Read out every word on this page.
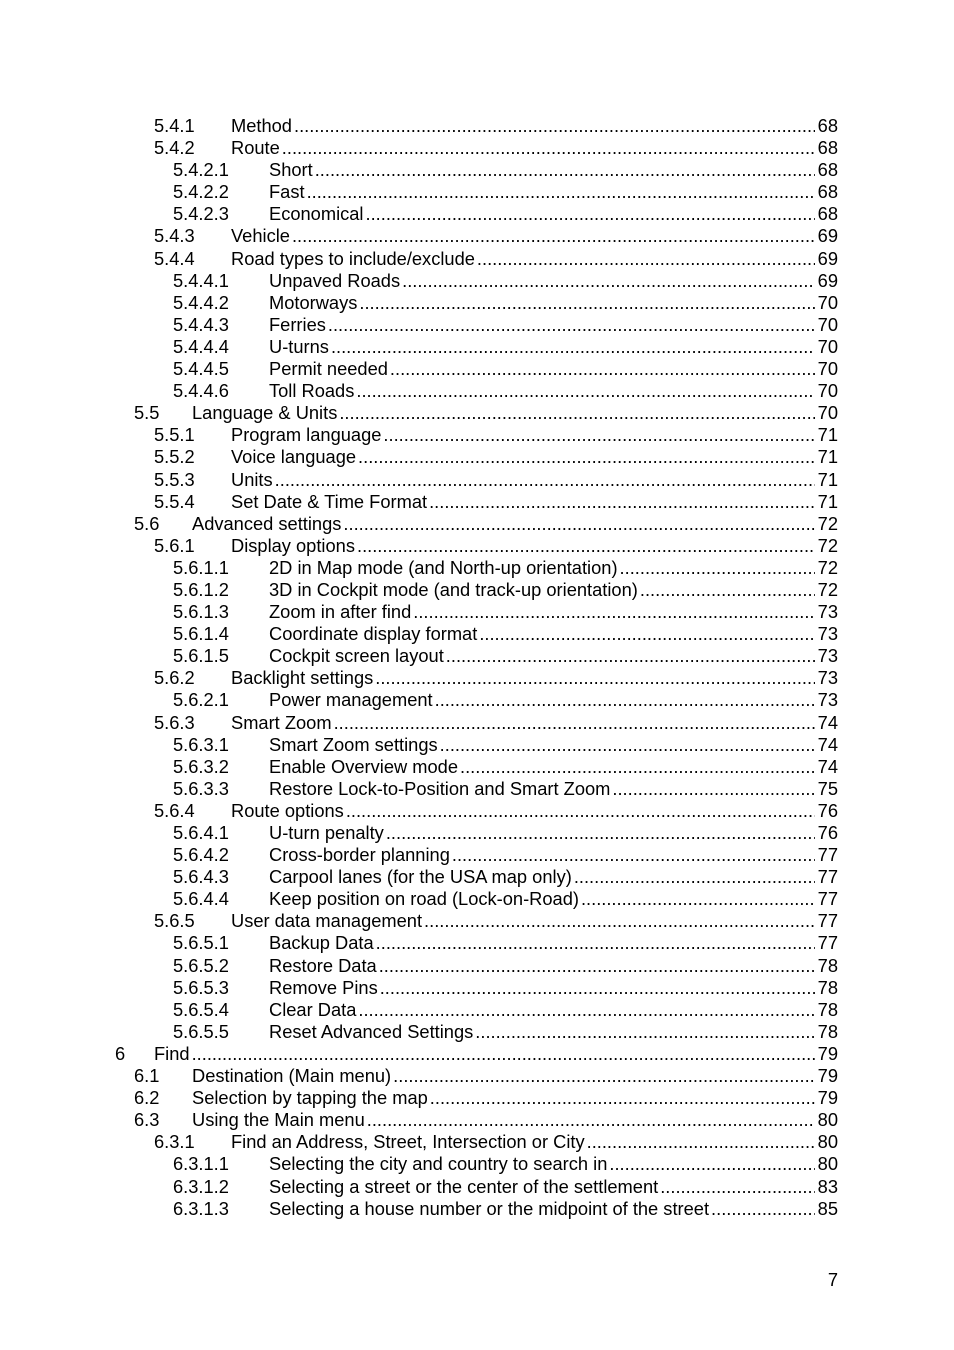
5.4.1 Method .....	68
5.4.2 Route .....	68
5.4.2.1 Short .....	68
5.4.2.2 Fast .....	68
5.4.2.3 Economical .....	68
5.4.3 Vehicle .....	69
5.4.4 Road types to include/exclude .....	69
5.4.4.1 Unpaved Roads .....	69
5.4.4.2 Motorways .....	70
5.4.4.3 Ferries .....	70
5.4.4.4 U-turns .....	70
5.4.4.5 Permit needed .....	70
5.4.4.6 Toll Roads .....	70
5.5 Language & Units .....	70
5.5.1 Program language .....	71
5.5.2 Voice language .....	71
5.5.3 Units .....	71
5.5.4 Set Date & Time Format .....	71
5.6 Advanced settings .....	72
5.6.1 Display options .....	72
5.6.1.1 2D in Map mode (and North-up orientation) .....	72
5.6.1.2 3D in Cockpit mode (and track-up orientation) .....	72
5.6.1.3 Zoom in after find .....	73
5.6.1.4 Coordinate display format .....	73
5.6.1.5 Cockpit screen layout .....	73
5.6.2 Backlight settings .....	73
5.6.2.1 Power management .....	73
5.6.3 Smart Zoom .....	74
5.6.3.1 Smart Zoom settings .....	74
5.6.3.2 Enable Overview mode .....	74
5.6.3.3 Restore Lock-to-Position and Smart Zoom .....	75
5.6.4 Route options .....	76
5.6.4.1 U-turn penalty .....	76
5.6.4.2 Cross-border planning .....	77
5.6.4.3 Carpool lanes (for the USA map only) .....	77
5.6.4.4 Keep position on road (Lock-on-Road) .....	77
5.6.5 User data management .....	77
5.6.5.1 Backup Data .....	77
5.6.5.2 Restore Data .....	78
5.6.5.3 Remove Pins .....	78
5.6.5.4 Clear Data .....	78
5.6.5.5 Reset Advanced Settings .....	78
6 Find .....	79
6.1 Destination (Main menu) .....	79
6.2 Selection by tapping the map .....	79
6.3 Using the Main menu .....	80
6.3.1 Find an Address, Street, Intersection or City .....	80
6.3.1.1 Selecting the city and country to search in .....	80
6.3.1.2 Selecting a street or the center of the settlement .....	83
6.3.1.3 Selecting a house number or the midpoint of the street .....	85
7
